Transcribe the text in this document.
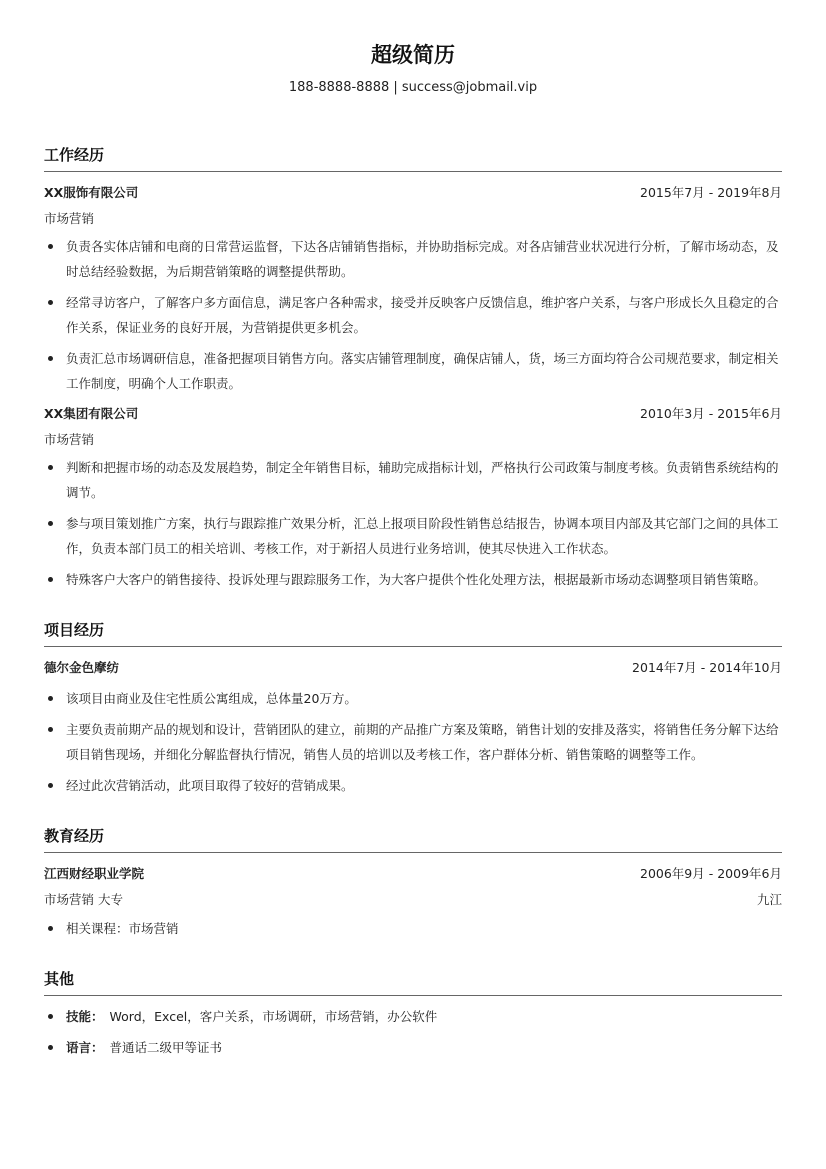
超级简历
188-8888-8888 | success@jobmail.vip
工作经历
XX服饰有限公司	2015年7月 - 2019年8月
市场营销
负责各实体店铺和电商的日常营运监督，下达各店铺销售指标，并协助指标完成。对各店铺营业状况进行分析，了解市场动态，及时总结经验数据，为后期营销策略的调整提供帮助。
经常寻访客户，了解客户多方面信息，满足客户各种需求，接受并反映客户反馈信息，维护客户关系，与客户形成长久且稳定的合作关系，保证业务的良好开展，为营销提供更多机会。
负责汇总市场调研信息，准备把握项目销售方向。落实店铺管理制度，确保店铺人，货，场三方面均符合公司规范要求，制定相关工作制度，明确个人工作职责。
XX集团有限公司	2010年3月 - 2015年6月
市场营销
判断和把握市场的动态及发展趋势，制定全年销售目标，辅助完成指标计划，严格执行公司政策与制度考核。负责销售系统结构的调节。
参与项目策划推广方案，执行与跟踪推广效果分析，汇总上报项目阶段性销售总结报告，协调本项目内部及其它部门之间的具体工作，负责本部门员工的相关培训、考核工作，对于新招人员进行业务培训，使其尽快进入工作状态。
特殊客户大客户的销售接待、投诉处理与跟踪服务工作，为大客户提供个性化处理方法，根据最新市场动态调整项目销售策略。
项目经历
德尔金色摩纺	2014年7月 - 2014年10月
该项目由商业及住宅性质公寓组成，总体量20万方。
主要负责前期产品的规划和设计，营销团队的建立，前期的产品推广方案及策略，销售计划的安排及落实，将销售任务分解下达给项目销售现场，并细化分解监督执行情况，销售人员的培训以及考核工作，客户群体分析、销售策略的调整等工作。
经过此次营销活动，此项目取得了较好的营销成果。
教育经历
江西财经职业学院	2006年9月 - 2009年6月
市场营销 大专	九江
相关课程：市场营销
其他
技能： Word，Excel，客户关系，市场调研，市场营销，办公软件
语言： 普通话二级甲等证书
